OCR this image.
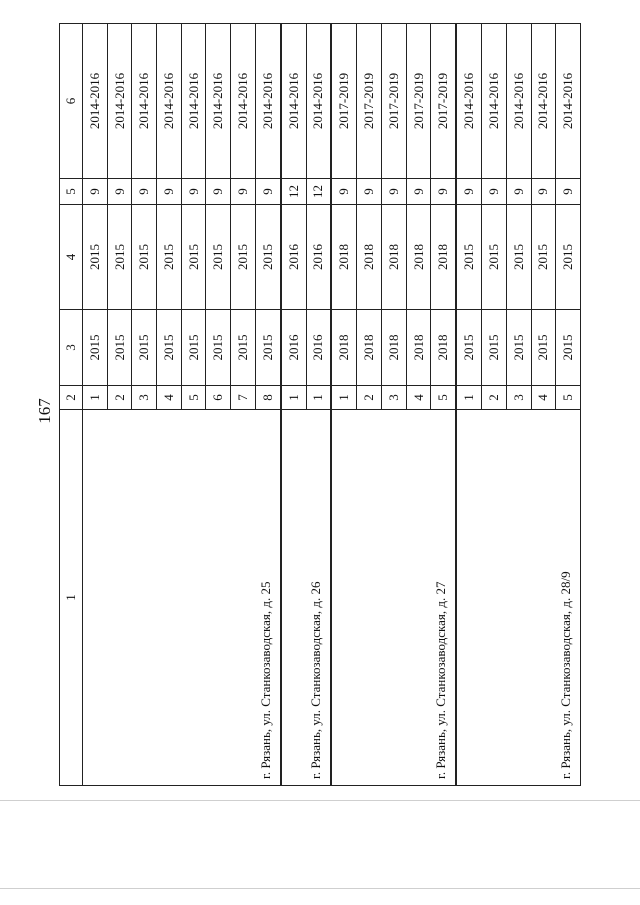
167
1	2	3	4	5	6
г. Рязань, ул. Станкозаводская, д. 25	1	2015	2015	9	2014-2016
	2	2015	2015	9	2014-2016
	3	2015	2015	9	2014-2016
	4	2015	2015	9	2014-2016
	5	2015	2015	9	2014-2016
	6	2015	2015	9	2014-2016
	7	2015	2015	9	2014-2016
	8	2015	2015	9	2014-2016
г. Рязань, ул. Станкозаводская, д. 26	1	2016	2016	12	2014-2016
	1	2016	2016	12	2014-2016
г. Рязань, ул. Станкозаводская, д. 27	1	2018	2018	9	2017-2019
	2	2018	2018	9	2017-2019
	3	2018	2018	9	2017-2019
	4	2018	2018	9	2017-2019
	5	2018	2018	9	2017-2019
г. Рязань, ул. Станкозаводская, д. 28/9	1	2015	2015	9	2014-2016
	2	2015	2015	9	2014-2016
	3	2015	2015	9	2014-2016
	4	2015	2015	9	2014-2016
	5	2015	2015	9	2014-2016
